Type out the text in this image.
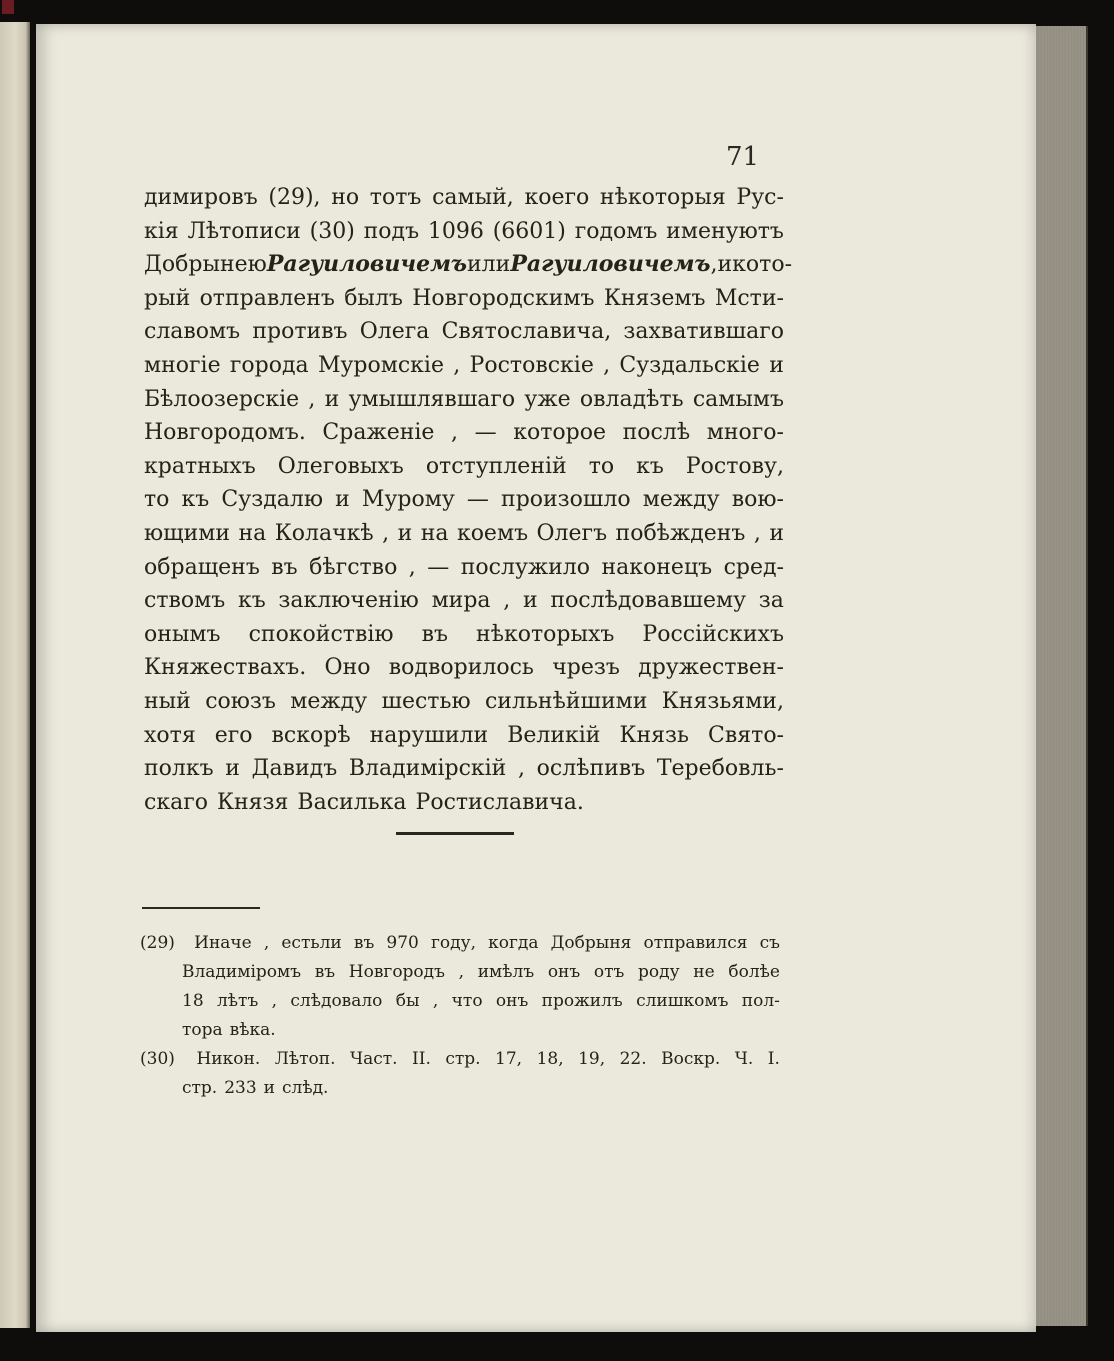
71
димировъ (29), но тотъ самый, коего нѣкоторыя Рус-
кія Лѣтописи (30) подъ 1096 (6601) годомъ именуютъ
Добрынею Рагуиловичемъ или Рагуиловичемъ , и кото-
рый отправленъ былъ Новгородскимъ Княземъ Мсти-
славомъ противъ Олега Святославича, захватившаго
многіе города Муромскіе , Ростовскіе , Суздальскіе и
Бѣлоозерскіе , и умышлявшаго уже овладѣть самымъ
Новгородомъ. Сраженіе , — которое послѣ много-
кратныхъ Олеговыхъ отступленій то къ Ростову,
то къ Суздалю и Мурому — произошло между вою-
ющими на Колачкѣ , и на коемъ Олегъ побѣжденъ , и
обращенъ въ бѣгство , — послужило наконецъ сред-
ствомъ къ заключенію мира , и послѣдовавшему за
онымъ спокойствію въ нѣкоторыхъ Россійскихъ
Княжествахъ. Оно водворилось чрезъ дружествен-
ный союзъ между шестью сильнѣйшими Князьями,
хотя его вскорѣ нарушили Великій Князь Свято-
полкъ и Давидъ Владимірскій , ослѣпивъ Теребовль-
скаго Князя Василька Ростиславича.
(29)	Иначе , естьли въ 970 году, когда Добрыня отправился съ
Владиміромъ въ Новгородъ , имѣлъ онъ отъ роду не болѣе
18 лѣтъ , слѣдовало бы , что онъ прожилъ слишкомъ пол-
тора вѣка.
(30)	Никон. Лѣтоп. Част. II. стр. 17, 18, 19, 22. Воскр. Ч. I.
стр. 233 и слѣд.
